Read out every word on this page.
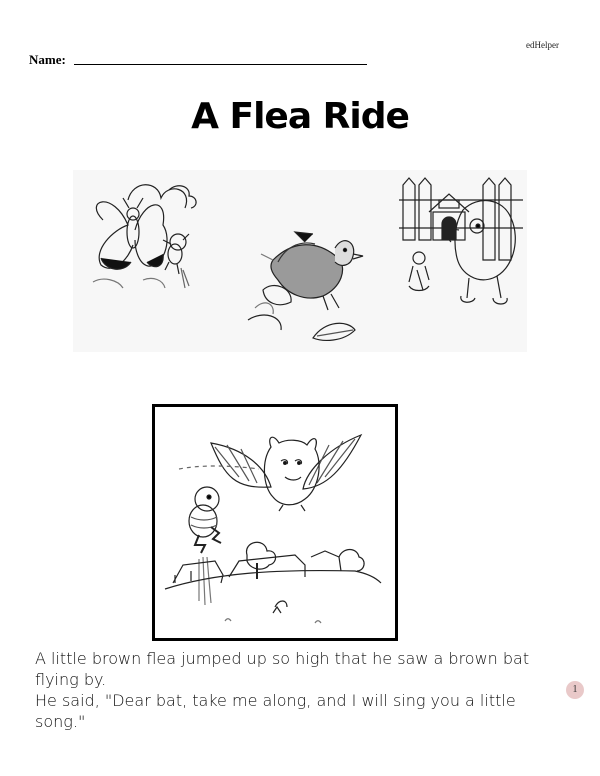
edHelper
Name:
A Flea Ride

A little brown flea jumped up so high that he saw a brown bat flying by.

He said, "Dear bat, take me along, and I will sing you a little song."

1
